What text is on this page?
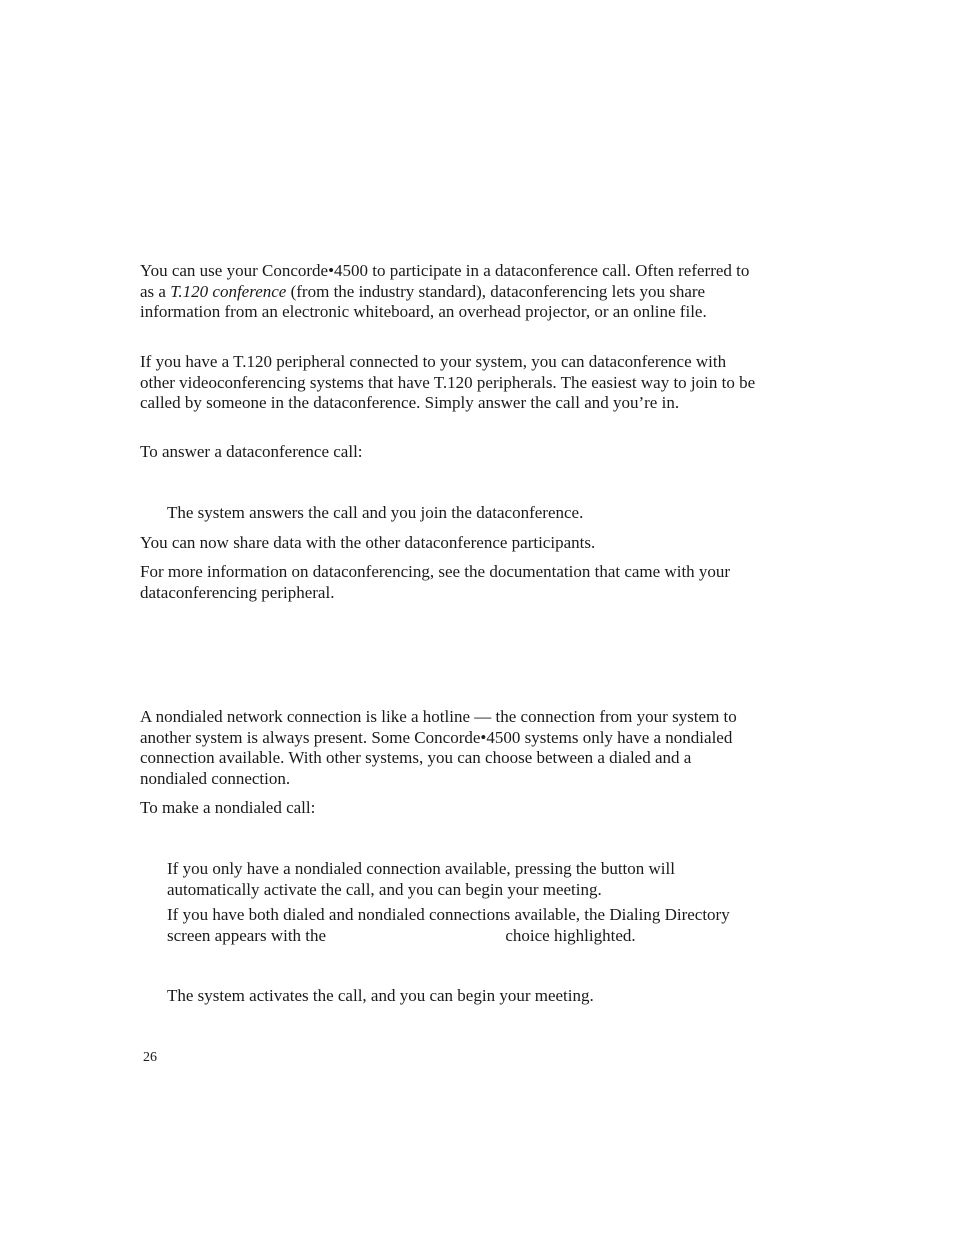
You can use your Concorde•4500 to participate in a dataconference call. Often referred to as a T.120 conference (from the industry standard), dataconferencing lets you share information from an electronic whiteboard, an overhead projector, or an online file.

If you have a T.120 peripheral connected to your system, you can dataconference with other videoconferencing systems that have T.120 peripherals. The easiest way to join to be called by someone in the dataconference. Simply answer the call and you’re in.

To answer a dataconference call:

The system answers the call and you join the dataconference.

You can now share data with the other dataconference participants.

For more information on dataconferencing, see the documentation that came with your dataconferencing peripheral.

A nondialed network connection is like a hotline — the connection from your system to another system is always present. Some Concorde•4500 systems only have a nondialed connection available. With other systems, you can choose between a dialed and a nondialed connection.

To make a nondialed call:

If you only have a nondialed connection available, pressing the button will automatically activate the call, and you can begin your meeting.

If you have both dialed and nondialed connections available, the Dialing Directory screen appears with the	choice highlighted.

The system activates the call, and you can begin your meeting.

26
